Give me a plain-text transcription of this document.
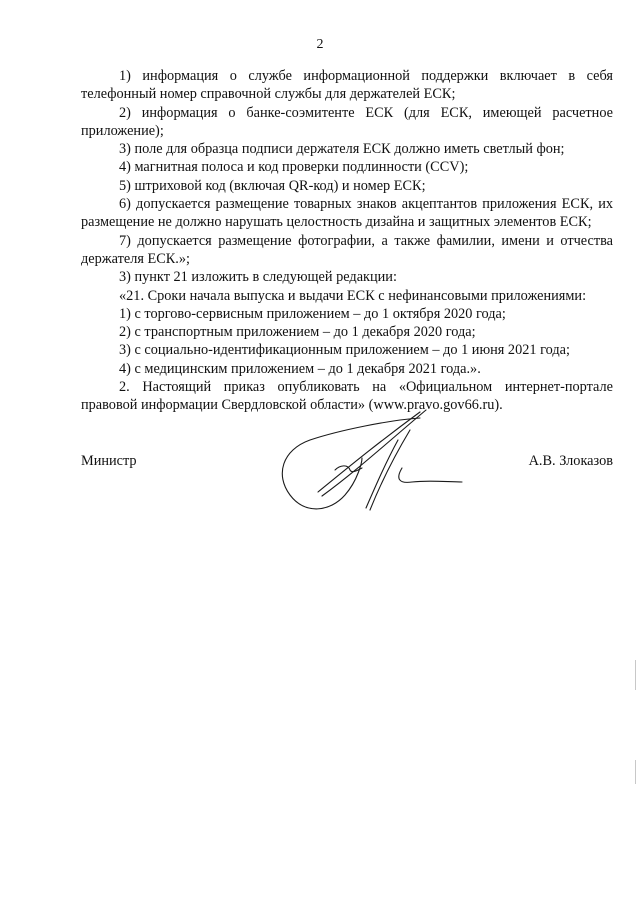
2

1) информация о службе информационной поддержки включает в себя телефонный номер справочной службы для держателей ЕСК;

2) информация о банке-соэмитенте ЕСК (для ЕСК, имеющей расчетное приложение);

3) поле для образца подписи держателя ЕСК должно иметь светлый фон;

4) магнитная полоса и код проверки подлинности (CCV);

5) штриховой код (включая QR-код) и номер ЕСК;

6) допускается размещение товарных знаков акцептантов приложения ЕСК, их размещение не должно нарушать целостность дизайна и защитных элементов ЕСК;

7) допускается размещение фотографии, а также фамилии, имени и отчества держателя ЕСК.»;

3) пункт 21 изложить в следующей редакции:

«21. Сроки начала выпуска и выдачи ЕСК с нефинансовыми приложениями:

1) с торгово-сервисным приложением – до 1 октября 2020 года;

2) с транспортным приложением – до 1 декабря 2020 года;

3) с социально-идентификационным приложением – до 1 июня 2021 года;

4) с медицинским приложением – до 1 декабря 2021 года.».

2. Настоящий приказ опубликовать на «Официальном интернет-портале правовой информации Свердловской области» (www.pravo.gov66.ru).

Министр	А.В. Злоказов
